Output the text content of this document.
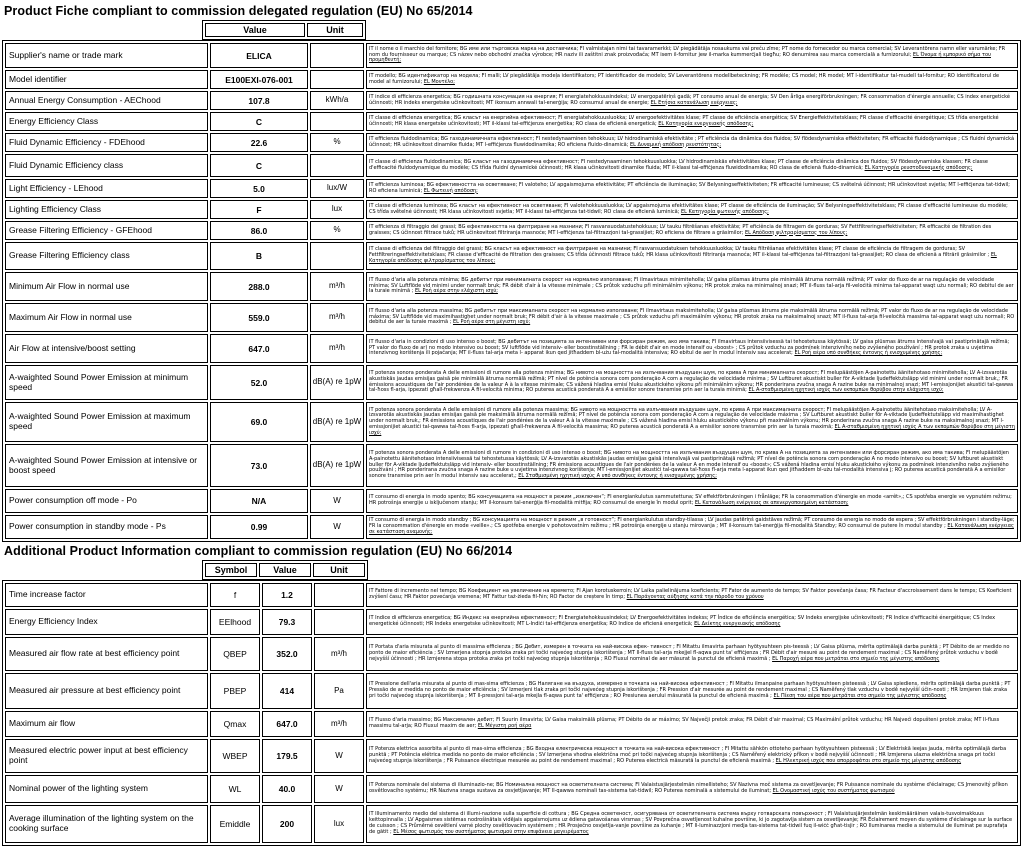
Product Fiche compliant to commission delegated regulation (EU) No 65/2014
Value	Unit
Supplier's name or trade mark	ELICA		IT il nome o il marchio del fornitore; BG име или търговска марка на доставчика; FI valmistajan nimi tai tavaramerkki; LV piegādātāja nosaukums vai preču zīme; PT nome do fornecedor ou marca comercial; SV Leverantörens namn eller varumärke; FR nom du fournisseur ou marque; CS název nebo obchodní značka výrobce; HR naziv ili zaštitni znak proizvođača; MT isem il-fornitur jew il-marka kummerċjali tiegħu; RO denumirea sau marca comercială a furnizorului; EL Όνομα ή εμπορικό σήμα του προμηθευτή;
Model identifier	E100EXI-076-001		IT modello; BG идентификатор на модела; FI malli; LV piegādātāja modeļa identifikators; PT identificador de modelo; SV Leverantörens modellbeteckning; FR modèle; CS model; HR model; MT l-identifikatur tal-mudell tal-fornitur; RO identificatorul de model al furnizorului; EL Μοντέλο;
Annual Energy Consumption - AEChood	107.8	kWh/a	IT indice di efficienza energetica; BG годишната консумация на енергия; FI energiatehokkuusindeksi; LV energopatēriņš gadā; PT consumo anual de energia; SV Den årliga energiförbrukningen; FR consommation d'énergie annuelle; CS index energetické účinnosti; HR indeks energetske učinkovitosti; MT ikonsum annwali tal-enerġija; RO consumul anual de energie; EL Ετήσια κατανάλωση ενέργειας;
Energy Efficiency Class	C		IT classe di efficienza energetica; BG класът на енергийна ефективност; FI energiatehokkuusluokka; LV energoefektivitātes klase; PT classe de eficiência energética; SV Energieffektivitetsklass; FR classe d'efficacité énergétique; CS třída energetické účinnosti; HR klasa energetske učinkovitosti; MT il-klassi tal-effiċjenza enerġetika; RO clasa de eficienă energetică; EL Κατηγορία ενεργειακής απόδοσης;
Fluid Dynamic Efficiency - FDEhood	22.6	%	IT efficienza fluidodinamica; BG газодинамичната ефективност; FI nestedynaaminen tehokkuus; LV hidrodinamiskā efektivitāte ; PT eficiência da dinâmica dos fluidos; SV flödesdynamiska effektiviteten; FR efficacité fluidodynamique ; CS fluidní dynamická účinnost; HR učinkovitost dinamike fluida; MT l-effiċjenza fluwidodinamika; RO eficiena fluido-dinamică; EL Δυναμική απόδοση ρευστότητας;
Fluid Dynamic Efficiency class	C		IT classe di efficienza fluidodinamica; BG класът на газодинамична ефективност; FI nestedynaaminen tehokkuusluokka; LV hidrodinamiskās efektivitātes klase; PT classe de eficiência dinâmica dos fluidos; SV flödesdynamiska klassen; FR classe d'efficacité fluidodynamique du modèle; CS třída fluidní dynamické účinnosti; HR klasa učinkovitosti dinamike fluida; MT il-klassi tal-effiċjenza fluwidodinamika; RO clasa de eficienă fluido-dinamică; EL Κατηγορία ρευστοδυναμικής απόδοσης;
Light Efficiency - LEhood	5.0	lux/W	IT efficienza luminosa; BG ефективността на осветяване; FI valoteho; LV apgaismojuma efektivitāte; PT eficiência de iluminação; SV Belysningseffektiviteten; FR efficacité lumineuse; CS světelná účinnost; HR učinkovitost svjetla; MT l-effiċjenza tat-tidwil; RO eficiena luminică; EL Φωτεινή απόδοση;
Lighting Efficiency Class	F	lux	IT classe di efficienza luminosa; BG класът на ефективност на осветяване; FI valotehokkuusluokka; LV apgaismojuma efektivitātes klase; PT classe de eficiência de iluminação; SV Belysningseffektivitetsklass; FR classe d'efficacité lumineuse du modèle; CS třída světelné účinnosti; HR klasa učinkovitosti svjetla; MT il-klassi tal-effiċjenza tat-tidwil; RO clasa de eficienă luminică; EL Κατηγορία φωτεινής απόδοσης;
Grease Filtering Efficiency - GFEhood	86.0	%	IT efficienza di filtraggio dei grassi; BG ефективността на филтриране на мазнини; FI rasvansuodatustehokkuus; LV tauku filtrēšanas efektivitāte; PT eficiência de filtragem de gorduras; SV Fettfiltreringseffektiviteten; FR efficacité de filtration des graisses; CS účinnost filtrace tuků; HR učinkovitost filtriranja masnoće; MT l-effiċjenza tal-filtrazzjoni tal-grassijiet; RO eficiena de filtrare a grăsimilor; EL Απόδοση φιλτραρίσματος του λίπους;
Grease Filtering Efficiency class	B		IT classe di efficienza del filtraggio dei grassi; BG класът на ефективност на филтриране на мазнини; FI rasvansuodatuksen tehokkuusluokka; LV tauku filtrēšanas efektivitātes klase; PT classe de eficiência de filtragem de gorduras; SV Fettfiltreringseffektivitetsklass; FR classe d'efficacité de filtration des graisses; CS třída účinnosti filtrace tuků; HR klasa učinkovitosti filtriranja masnoća; MT il-klassi tal-effiċjenza tal-filtrazzjoni tal-grassijiet; RO clasa de eficienă a filtrării grăsimilor ; EL Κατηγορία απόδοσης φιλτραρίσματος του λίπους;
Minimum Air Flow in normal use	288.0	m³/h	IT flusso d'aria alla potenza minima; BG дебитът при минималната скорост на нормално използване; FI ilmavirtaus minimiteholla; LV gaisa plūsmas ātrums pie minimālā ātruma normālā režīmā; PT valor do fluxo de ar na regulação de velocidade mínima; SV Luftflöde vid minimi under normalt bruk; FR débit d'air à la vitesse minimale ; CS průtok vzduchu při minimálním výkonu; HR protok zraka na minimalnoj snazi; MT il-fluss tal-arja fil-veloċità minima tal-apparat waqt użu normali; RO debitul de aer la turaie minimă ; EL Ροή αέρα στην ελάχιστη ισχύ;
Maximum Air Flow in normal use	559.0	m³/h	IT flusso d'aria alla potenza massima; BG дебитът при максималната скорост на нормално използване; FI ilmavirtaus maksimiteholla; LV gaisa plūsmas ātrums pie maksimālā ātruma normālā režīmā; PT valor do fluxo de ar na regulação de velocidade máxima; SV Luftflöde vid maximihastighet under normalt bruk; FR débit d'air à la vitesse maximale ; CS průtok vzduchu při maximálním výkonu; HR protok zraka na maksimalnoj snazi; MT il-fluss tal-arja fil-veloċità massima tal-apparat waqt użu normali; RO debitul de aer la turaie maximă ; EL Ροή αέρα στη μέγιστη ισχύ;
Air Flow at intensive/boost setting	647.0	m³/h	IT flusso d'aria in condizioni di uso intenso o boost; BG дебитът на позицията за интензивен или форсиран режим, ако има такива; FI ilmavirtaus intensiivisessä tai tehostetussa käytössä; LV gaisa plūsmas ātrums intensīvajā vai pastiprinātajā režīmā; PT valor do fluxo de ar) no modo intensivo ou boost; SV luftflöde vid intensiv- eller boostinställning ; FR le débit d'air en mode intensif ou «boost» ; CS průtok vzduchu za podmínek intenzivního nebo zvýšeného používání ; HR protok zraka u uvjetima intenzivnog korištenja ili pojačanja; MT il-fluss tal-arja meta l- apparat ikun qed jitħaddem bl-użu tal-modalità intensiva; RO ebitul de aer în modul intensiv sau accelerat; EL Ροή αέρα υπό συνθήκες έντονης ή ενισχυμένης χρήσης;
A-waighted Sound Power Emission at minimum speed	52.0	dB(A) re 1pW	IT potenza sonora ponderata A delle emissioni di rumore alla potenza minima; BG нивото на мощността на излъчвания въздушен шум, по крива А при минималната скорост; FI melupäästöjen A-painotettu äänitehotaso minimiteholla; LV A-izsvarotās akustiskās jaudas emisijas gaisā pie minimālā ātruma normālā režīmā; PT nível de potência sonora com ponderação A com a regulação de velocidade mínima ; SV Luftburet akustiskt buller för A-viktade ljudeffektutsläpp vid minimi under normalt bruk,; FR émissions acoustiques de l'air pondérées de la valeur A à la vitesse minimale; CS vážená hladina emisí hluku akustického výkonu při minimálním výkonu; HR ponderirana zvučna snaga A razine buke na minimalnoj snazi; MT l-emissjonijiet akustiċi tal-qawwa tal-ħoss fl-arja, ippezati għall-frekwenza A fil-velocità minima; RO puterea acustică ponderată A a emisiilor sonore transmise prin aer la turaia minimă; EL Α-σταθμισμένη ηχητική ισχύς των εκπομπών θορύβου στην ελάχιστη ισχύ;
A-waighted Sound Power Emission at maximum speed	69.0	dB(A) re 1pW	IT potenza sonora ponderata A delle emissioni di rumore alla potenza massima; BG нивото на мощността на излъчвания въздушен шум, по крива А при максималната скорост; FI melupäästöjen A-painotettu äänitehotaso maksimiteholla; LV A-izsvarotās akustiskās jaudas emisijas gaisā pie maksimālā ātruma normālā režīmā; PT nível de potência sonora com ponderação A com a regulação de velocidade máxima ; SV Luftburet akustiskt buller för A-viktade ljudeffektutsläpp vid maximihastighet under normalt bruk,; FR émissions acoustiques de l'air pondérées de la valeur A à la vitesse maximale ; CS vážená hladina emisí hluku akustického výkonu při maximálním výkonu; HR ponderirana zvučna snaga A razine buke na maksimalnoj snazi; MT l-emissjonijiet akustiċi tal-qawwa tal-ħoss fl-arja, ippezati għall-frekwenza A fil-velocità massima; RO puterea acustică ponderată A a emisiilor sonore transmise prin aer la turaia maximă; EL Α-σταθμισμένη ηχητική ισχύς Α των εκπομπών θορύβου στη μέγιστη ισχύ;
A-waighted Sound Power Emission at intensive or boost speed	73.0	dB(A) re 1pW	IT potenza sonora ponderata A delle emissioni di rumore in condizioni di uso intenso o boost; BG нивото на мощността на излъчвания въздушен шум, по крива А на позицията за интензивен или форсиран режим, ако има такива; FI melupäästöjen A-painotettu äänitehotaso intensiivisessä tai tehostetussa käytössä; LV A-izsvarotās akustiskās jaudas emisijas gaisā intensīvajā vai pastiprinātajā režīmā; PT nível de potência sonora com ponderação A no modo intensivo ou boost; SV luftburet akustiskt buller för A-viktade ljudeffektutsläpp vid intensiv- eller boostinställning; FR émissions acoustiques de l'air pondérées de la valeur A en mode intensif ou «boost»; CS vážená hladina emisí hluku akustického výkonu za podmínek intenzivního nebo zvýšeného používání ; HR ponderirana zvučna snaga A razine buke u uvjetima intenzivnog korištenja; MT l-emissjonijiet akustiċi tal-qawwa tal-ħoss fl-arja meta l-apparat ikun qed jitħaddem bl-użu tal-modalità intensiva j; RO puterea acustică ponderată A a emisiilor sonore transmise prin aer în modul intensiv sau accelerat,; EL Σταθμισμένη ηχητική ισχύς Α υπό συνθήκες έντονης ή ενισχυμένης χρήσης;
Power consumption off mode - Po	N/A	W	IT consumo di energia in modo spento; BG консумацията на мощност в режим „изключен“; FI energiankulutus sammutettuna; SV effektförbrukningen i frånläge; FR la consommation d'énergie en mode «arrêt»,; CS spotřeba energie ve vypnutém režimu; HR potrošnja energije u isključenom stanju; MT il-konsum tal-enerġija fil-modalità mitfija; RO consumul de energie în modul oprit; EL Κατανάλωση ενέργειας σε απενεργοποιημένη κατάσταση;
Power consumption in standby mode - Ps	0.99	W	IT consumo di energia in modo standby ; BG консумацията на мощност в режим „в готовност“; FI energiankulutus standby-tilassa ; LV jaudas patēriņš gaidstāves režīmā; PT consumo de energia no modo de espera ; SV effektförbrukningen i standby-läge; FR la consommation d'énergie en mode «veille».; CS spotřeba energie v pohotovostním režimu ; HR potrošnja energije u stanju mirovanja ; MT il-konsum tal-enerġija fil-modalità Standby; RO consumul de putere în modul standby ; EL Κατανάλωση ενέργειας σε κατάσταση αναμονής;
Additional Product Information compliant to commission regulation (EU) No 66/2014
Symbol	Value	Unit
Time increase factor	f	1.2		IT Fattore di incremento nel tempo; BG Коефициент на увеличение на времето; FI Ajan korotuskerroin; LV Laika palielinājuma koeficients; PT Fator de aumento de tempo; SV Faktor povečanja časa; FR Facteur d'accroissement dans le temps; CS Koeficient zvýšení času; HR Faktor povećanja vremena; MT Fattur taż-żieda fil-ħin; RO Factor de creștere în timp; EL Παράγοντας αύξησης κατά την πάροδο του χρόνου
Energy Efficiency Index	EElhood	79.3		IT Indice di efficienza energetica; BG Индекс на енергийна ефективност; FI Energiatehokkuusindeksi; LV Energoefektivitātes indekss; PT Índice de eficiência energética; SV Indeks energijske učinkovitosti; FR Indice d'efficacité énergétique; CS Index energetické účinnosti; HR Indeks energetske učinkovitosti; MT L-Indiċi tal-effiċjenza enerġetika; RO Indice de eficienă energetică; EL Δείκτης ενεργειακής απόδοσης
Measured air flow rate at best efficiency point	QBEP	352.0	m³/h	IT Portata d'aria misurata al punto di massima efficienza ; BG Дебит, измерен в точката на най-висока ефек- тивност ; FI Mitattu ilmavirta parhaan hyötysuhteen pis-teessä ; LV Gaisa plūsma, mērīta optimālajā darba punktā ; PT Débito de ar medido no ponto de maior eficiência ; SV Izmerjena stopnja protoka zraka pri točki najvećeg stupnja iskorištenja ; MT Il-fluss tal-arja mkejjel fl-aqwa punt ta' effiċjenza ; FR Débit d'air mesuré au point de rendement maximal ; CS Naměřený průtok vzduchu v bodě nejvyšší účinnosti ; HR Izmjerena stopa protoka zraka pri točki najvećeg stupnja iskorištenja ; RO Fluxul nominal de aer măsurat la punctul de eficienă maximă ; EL Παροχή αέρα που μετράται στο σημείο της μέγιστης απόδοσης
Measured air pressure at best efficiency point	PBEP	414	Pa	IT Pressione dell'aria misurata al punto di mas-sima efficienza ; BG Налягане на въздуха, измерено в точката на най-висока ефективност ; FI Mitattu ilmanpaine parhaan hyötysuhteen pisteessä ; LV Gaisa spiediens, mērīts optimālajā darba punktā ; PT Pressão de ar medida no ponto de maior eficiência ; SV Izmerjeni tlak zraka pri točki najvećeg stupnja iskorištenja ; FR Pression d'air mesurée au point de rendement maximal ; CS Naměřený tlak vzduchu v bodě nejvyšší účin-nosti ; HR Izmjeren tlak zraka pri točki najvećeg stupnja iskorištenja ; MT Il-pressjoni tal-arja mkejla fl-aqwa punt ta' effiċjenza ; RO Presiunea aerului măsurată la punctul de eficienă maximă ; EL Πίεση του αέρα που μετράται στο σημείο της μέγιστης απόδοσης
Maximum air flow	Qmax	647.0	m³/h	IT Flusso d'aria massimo; BG Максимален дебит; FI Suurin ilmavirta; LV Gaisa maksimālā plūsma; PT Débito de ar máximo; SV Največji pretok zraka; FR Débit d'air maximal; CS Maximální průtok vzduchu; HR Najveći dopušteni protok zraka; MT Il-fluss massimu tal-arja; RO Fluxul maxim de aer; EL Μέγιστη ροή αέρα
Measured electric power input at best efficiency point	WBEP	179.5	W	IT Potenza elettrica assorbita al punto di mas-sima efficienza ; BG Входна електрическа мощност в точката на най-висока ефективност ; FI Mitattu sähkön ottoteho parhaan hyötysuhteen pisteessä ; LV Elektriskā ieejas jauda, mērīta optimālajā darba punktā ; PT Potência elétrica medida no ponto de maior eficiência ; SV Izmerjena vhodna električna moč pri točki najvećeg stupnja iskorištenja ; CS Naměřený elektrický příkon v bodě nejvyšší účinnosti ; HR Izmjerena ulazna električna snaga pri točki najvećeg stupnja iskorištenja ; FR Puissance électrique mesurée au point de rendement maximal ; RO Puterea electrică măsurată la punctul de eficienă maximă ; EL Ηλεκτρική ισχύς που απορροφάται στο σημείο της μέγιστης απόδοσης
Nominal power of the lighting system	WL	40.0	W	IT Potenza nominale del sistema di illuminazio-ne; BG Номинална мощност на осветителната система; FI Valaistusjärjestelmän nimellisteho; SV Nazivna moč sistema za osvetljevanje; FR Puissance nominale du système d'éclairage; CS Jmenovitý příkon osvětlovacího systému; HR Nazivna snaga sustava za osvjetljavanje; MT Il-qawwa nominali tas-sistema tat-tidwil; RO Puterea nominală a sistemului de iluminat; EL Ονομαστική ισχύς του συστήματος φωτισμού
Average illumination of the lighting system on the cooking surface	Emiddle	200	lux	IT Illuminamento medio del sistema di illumi-nazione sulla superficie di cottura ; BG Средна осветеност, осигурявана от осветителната система върху готварската повърхност ; FI Valaistusjärjestelmän keskimääräinen valais-tusvoimakkuus keittopinnalla ; LV Apgaismes sistēmas nodrošinātais vidējais apgaismojums uz ēdiena gatavošanas virsmas ; SV Povprečna osvetljenost kuhalne površine, ki jo zagotavlja sistem za osvetljevanje; FR Éclairement moyen du système d'éclairage sur la surface de cuisson ; CS Průměrné osvětlení varné plochy osvětlovacím systémem ; HR Prosječno osvjetlja-vanje površine za kuhanje ; MT Il-luminazzjoni medja tas-sistema tat-tidwil fuq il-wiċċ għat-tisjir ; RO Iluminarea medie a sistemului de iluminat pe suprafața de gătit ; EL Μέσος φωτισμός του συστήματος φωτισμού στην επιφάνεια μαγειρέματος
